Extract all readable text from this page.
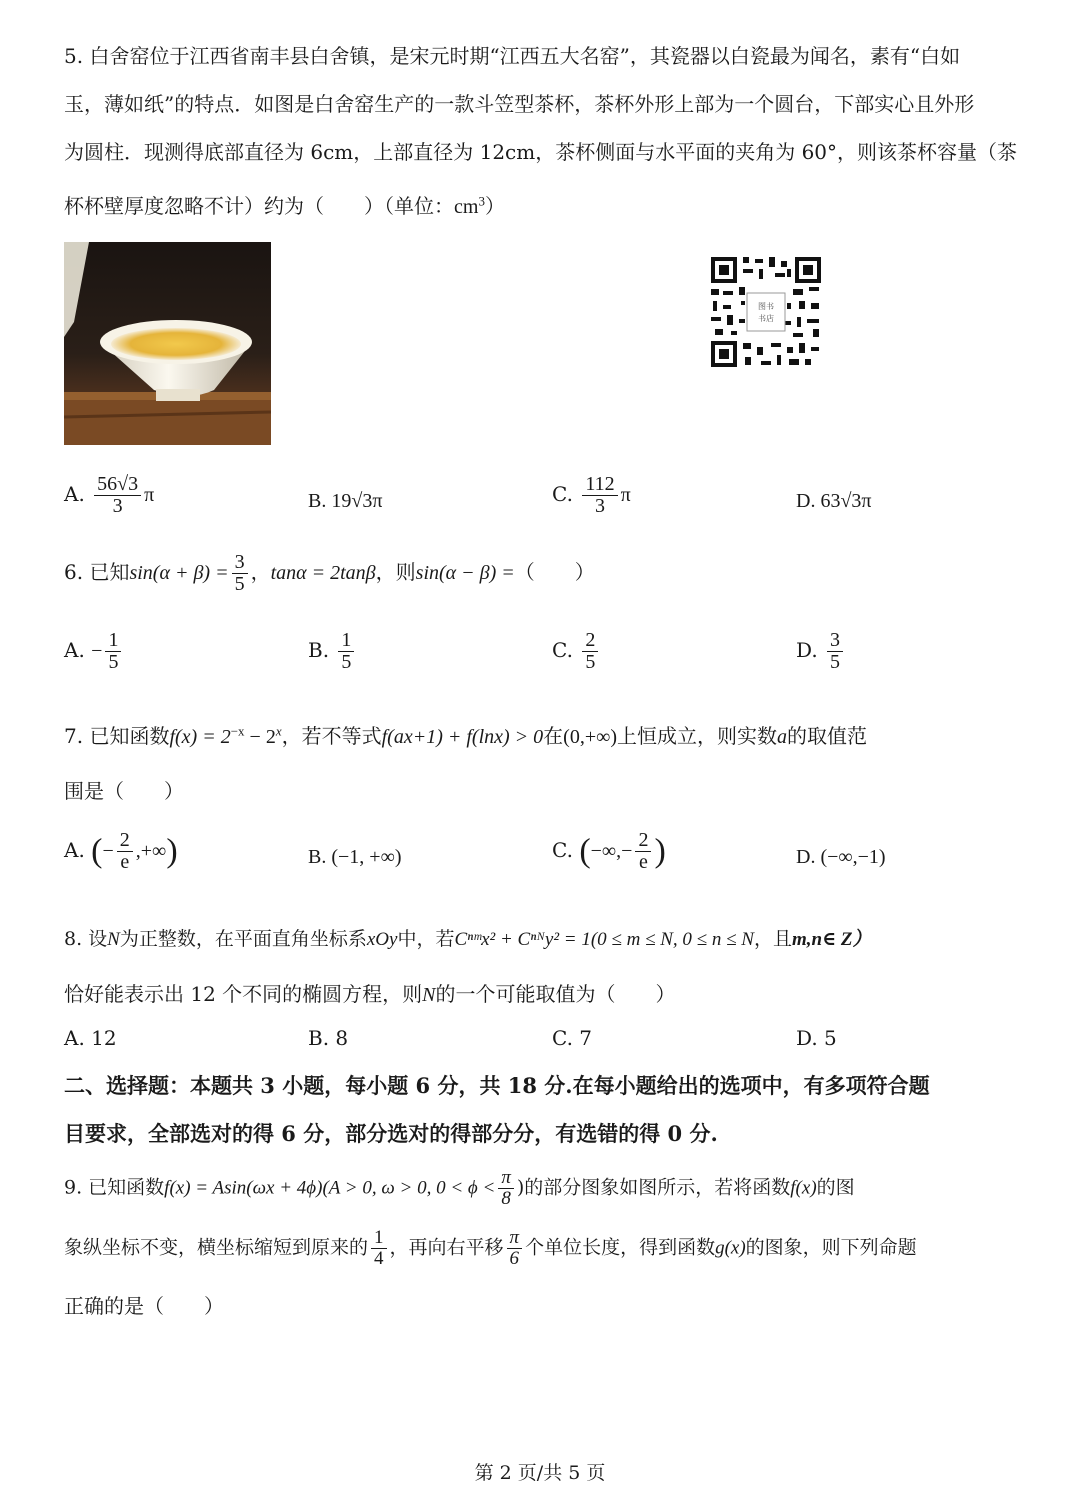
5. 白舍窑位于江西省南丰县白舍镇，是宋元时期“江西五大名窑”，其瓷器以白瓷最为闻名，素有“白如
玉，薄如纸”的特点．如图是白舍窑生产的一款斗笠型茶杯，茶杯外形上部为一个圆台，下部实心且外形
为圆柱．现测得底部直径为 6cm，上部直径为 12cm，茶杯侧面与水平面的夹角为 60°，则该茶杯容量（茶
杯杯壁厚度忽略不计）约为（　　）（单位：$cm^3$）
图书
书店
A. $\frac{56√3}{3}$ π	B. 19√3π	C. $\frac{112}{3}$ π	D. 63√3π
6. 已知$\sin(\alpha + \beta) = \frac{3}{5}$ ，tanα = 2tanβ，则sin(α − β) =（　　）
A. − $\frac{1}{5}$	B. $\frac{1}{5}$	C. $\frac{2}{5}$	D. $\frac{3}{5}$
7. 已知函数$f(x) = 2^{-x} - 2^x$，若不等式f(ax+1) + f(lnx) > 0在(0,+∞)上恒成立，则实数a的取值范
围是（　　）
A. (− $\frac{2}{e}$ ,+∞)	B. (−1, +∞)	C. (−∞,− $\frac{2}{e}$ )	D. (−∞,−1)
8. 设N为正整数，在平面直角坐标系xOy中，若Cⁿᵐx² + Cⁿᴺy² = 1(0 ≤ m ≤ N, 0 ≤ n ≤ N，且m,n∈ Z）
恰好能表示出 12 个不同的椭圆方程，则N的一个可能取值为（　　）
A. 12	B. 8	C. 7	D. 5
二、选择题：本题共 3 小题，每小题 6 分，共 18 分.在每小题给出的选项中，有多项符合题
目要求，全部选对的得 6 分，部分选对的得部分分，有选错的得 0 分.
9. 已知函数f(x) = Asin(ωx + 4ϕ)(A > 0, ω > 0, $0 < \phi < \frac{\pi}{8}$ )的部分图象如图所示，若将函数f(x)的图
象纵坐标不变，横坐标缩短到原来的 $\frac{1}{4}$ ，再向右平移 $\frac{\pi}{6}$ 个单位长度，得到函数g(x)的图象，则下列命题
正确的是（　　）
第 2 页/共 5 页
